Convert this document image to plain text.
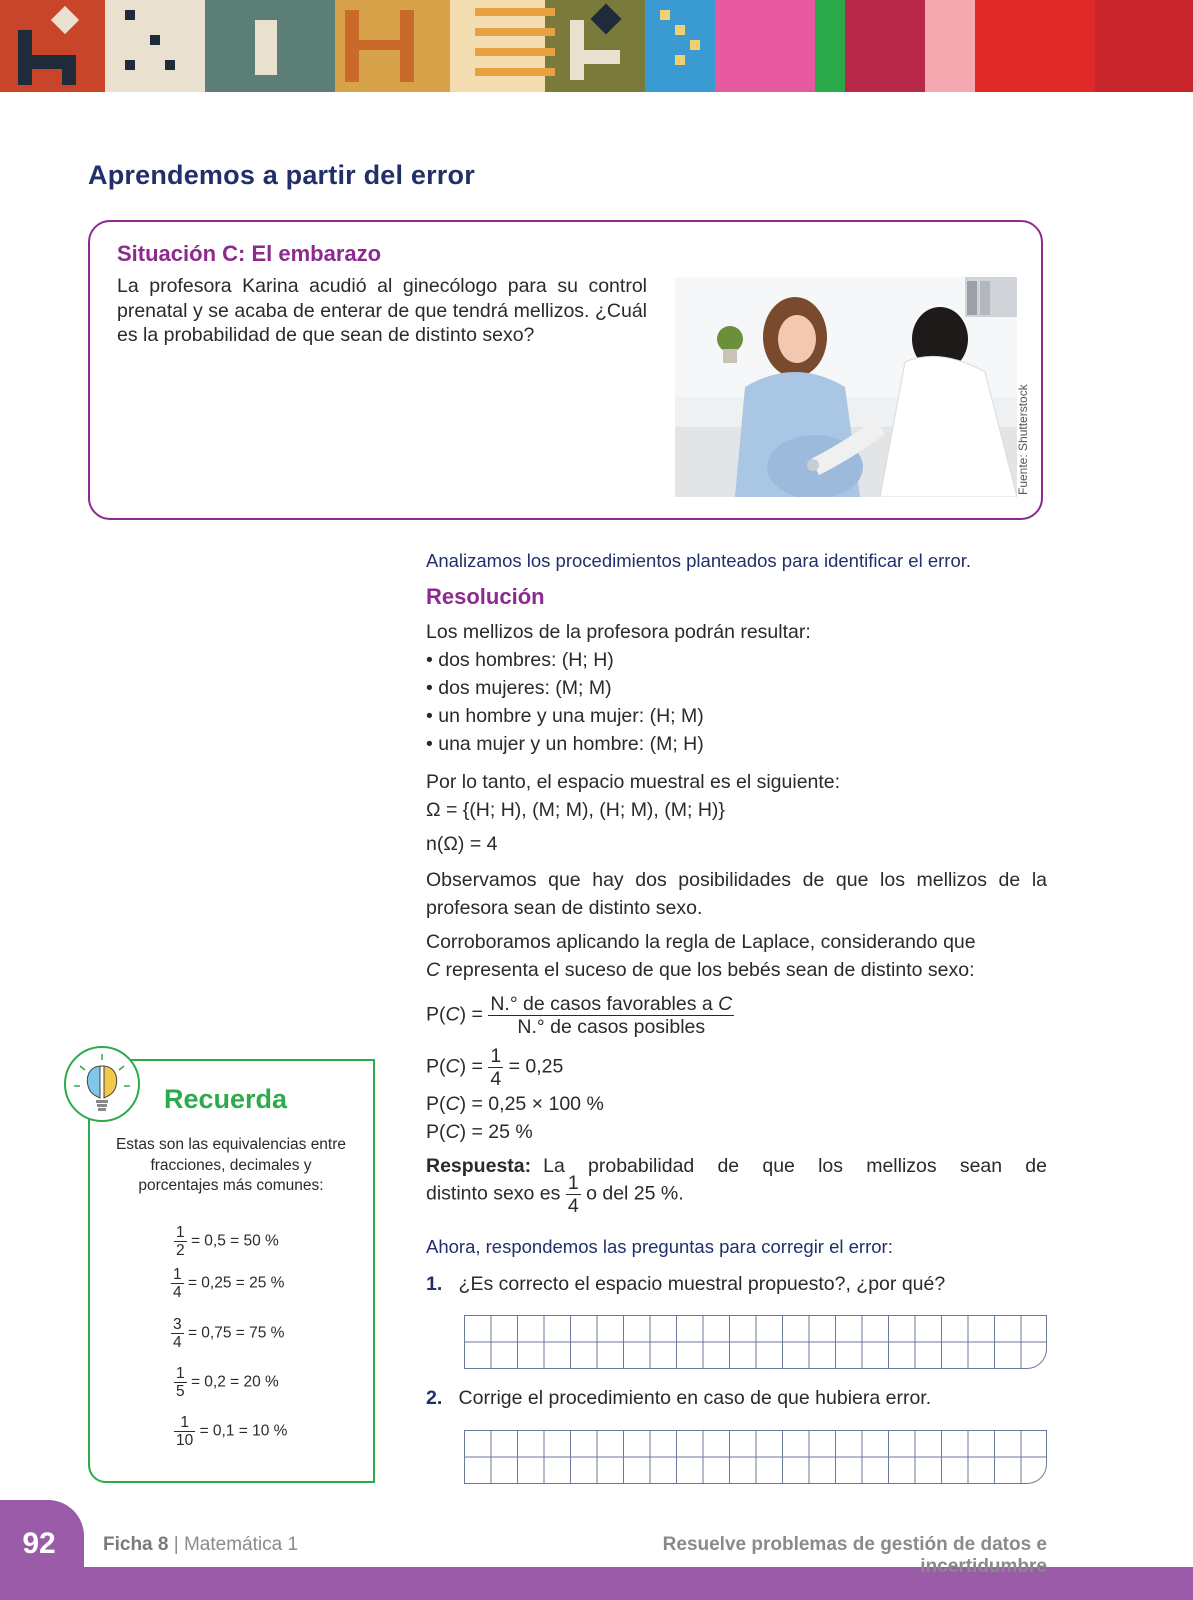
Aprendemos a partir del error
Situación C: El embarazo

La profesora Karina acudió al ginecólogo para su control prenatal y se acaba de enterar de que tendrá mellizos. ¿Cuál es la probabilidad de que sean de distinto sexo?

Fuente: Shutterstock

Analizamos los procedimientos planteados para identificar el error.

Resolución

Los mellizos de la profesora podrán resultar:

• dos hombres: (H; H)

• dos mujeres: (M; M)

• un hombre y una mujer: (H; M)

• una mujer y un hombre: (M; H)

Por lo tanto, el espacio muestral es el siguiente:

Ω = {(H; H), (M; M), (H; M), (M; H)}

n(Ω) = 4

Observamos que hay dos posibilidades de que los mellizos de la profesora sean de distinto sexo.

Corroboramos aplicando la regla de Laplace, considerando que

C representa el suceso de que los bebés sean de distinto sexo:

$P(C) = \frac{\text{N.° de casos favorables a C}}{\text{N.° de casos posibles}}$
$P(C) = \frac{1}{4} = 0,25$

P(C) = 0,25 × 100 %

P(C) = 25 %

Respuesta: La probabilidad de que los mellizos sean de
distinto sexo es $\frac{1}{4}$ o del 25 %.

Ahora, respondemos las preguntas para corregir el error:

1. ¿Es correcto el espacio muestral propuesto?, ¿por qué?

2. Corrige el procedimiento en caso de que hubiera error.

Recuerda

Estas son las equivalencias entre fracciones, decimales y porcentajes más comunes:

$\frac{1}{2} = 0,5 = 50$ %
$\frac{1}{4} = 0,25 = 25$ %
$\frac{3}{4} = 0,75 = 75$ %
$\frac{1}{5} = 0,2 = 20$ %
$\frac{1}{10} = 0,1 = 10$ %

92	Ficha 8 | Matemática 1	Resuelve problemas de gestión de datos e incertidumbre
